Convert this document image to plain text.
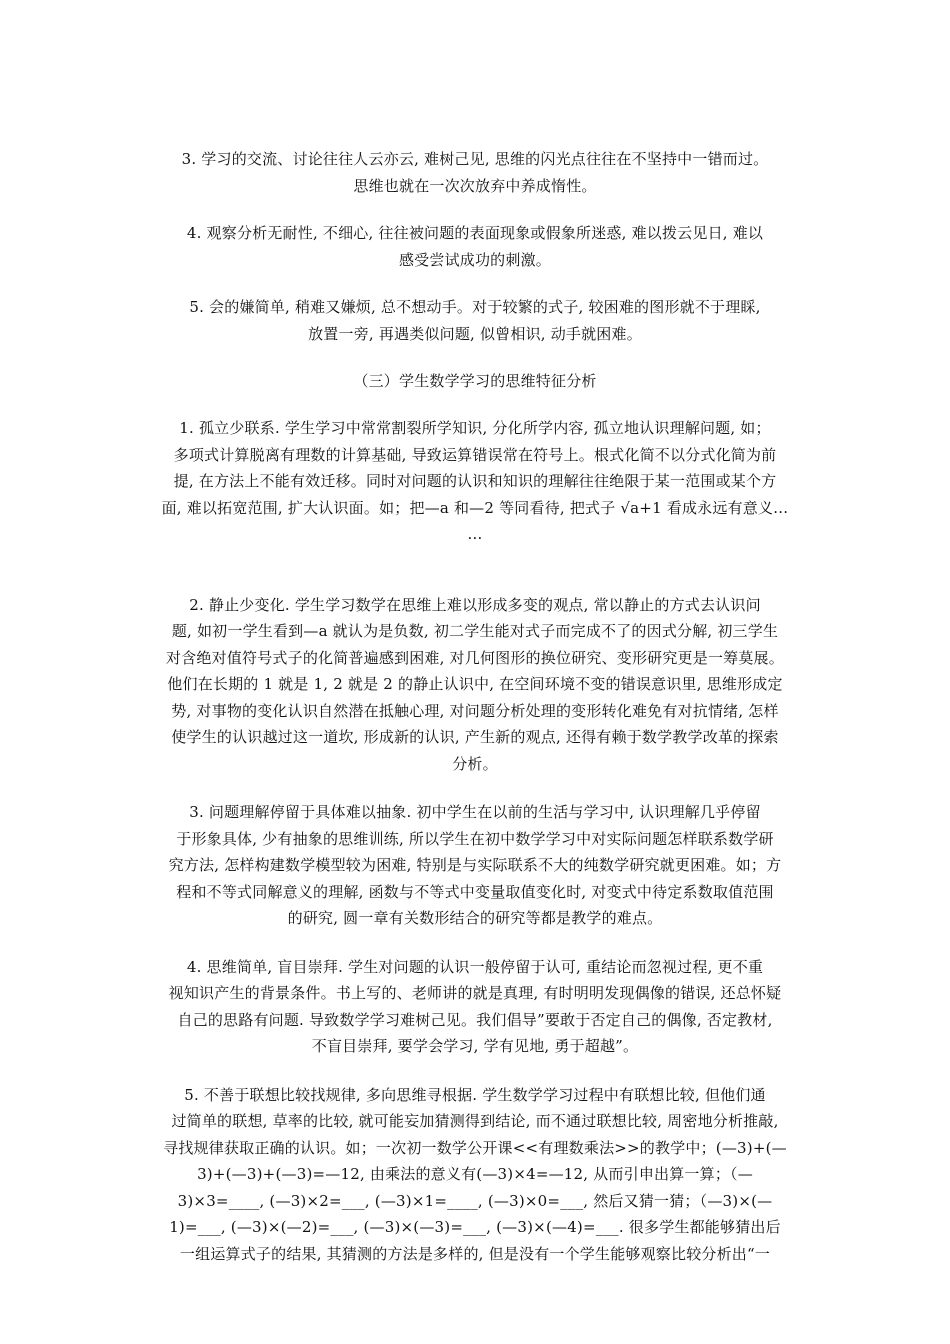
3. 学习的交流、讨论往往人云亦云, 难树己见, 思维的闪光点往往在不坚持中一错而过。
思维也就在一次次放弃中养成惰性。

4. 观察分析无耐性, 不细心, 往往被问题的表面现象或假象所迷惑, 难以拨云见日, 难以
感受尝试成功的刺激。

5. 会的嫌简单, 稍难又嫌烦, 总不想动手。对于较繁的式子, 较困难的图形就不于理睬,
放置一旁, 再遇类似问题, 似曾相识, 动手就困难。

（三）学生数学学习的思维特征分析

1. 孤立少联系. 学生学习中常常割裂所学知识, 分化所学内容, 孤立地认识理解问题, 如；
多项式计算脱离有理数的计算基础, 导致运算错误常在符号上。根式化简不以分式化简为前
提, 在方法上不能有效迁移。同时对问题的认识和知识的理解往往绝限于某一范围或某个方
面, 难以拓宽范围, 扩大认识面。如；把—a 和—2 等同看待, 把式子 √a+1 看成永远有意义…
…

2. 静止少变化. 学生学习数学在思维上难以形成多变的观点, 常以静止的方式去认识问
题, 如初一学生看到—a 就认为是负数, 初二学生能对式子而完成不了的因式分解, 初三学生
对含绝对值符号式子的化简普遍感到困难, 对几何图形的换位研究、变形研究更是一筹莫展。
他们在长期的 1 就是 1, 2 就是 2 的静止认识中, 在空间环境不变的错误意识里, 思维形成定
势, 对事物的变化认识自然潜在抵触心理, 对问题分析处理的变形转化难免有对抗情绪, 怎样
使学生的认识越过这一道坎, 形成新的认识, 产生新的观点, 还得有赖于数学教学改革的探索
分析。

3. 问题理解停留于具体难以抽象. 初中学生在以前的生活与学习中, 认识理解几乎停留
于形象具体, 少有抽象的思维训练, 所以学生在初中数学学习中对实际问题怎样联系数学研
究方法, 怎样构建数学模型较为困难, 特别是与实际联系不大的纯数学研究就更困难。如；方
程和不等式同解意义的理解, 函数与不等式中变量取值变化时, 对变式中待定系数取值范围
的研究, 圆一章有关数形结合的研究等都是教学的难点。

4. 思维简单, 盲目崇拜. 学生对问题的认识一般停留于认可, 重结论而忽视过程, 更不重
视知识产生的背景条件。书上写的、老师讲的就是真理, 有时明明发现偶像的错误, 还总怀疑
自己的思路有问题. 导致数学学习难树己见。我们倡导”要敢于否定自己的偶像, 否定教材,
不盲目崇拜, 要学会学习, 学有见地, 勇于超越”。

5. 不善于联想比较找规律, 多向思维寻根据. 学生数学学习过程中有联想比较, 但他们通
过简单的联想, 草率的比较, 就可能妄加猜测得到结论, 而不通过联想比较, 周密地分析推敲,
寻找规律获取正确的认识。如；一次初一数学公开课<<有理数乘法>>的教学中；(—3)+(—
3)+(—3)+(—3)=—12, 由乘法的意义有(—3)×4=—12, 从而引申出算一算；（—
3)×3=____, (—3)×2=___, (—3)×1=____, (—3)×0=___, 然后又猜一猜；（—3)×(—
1)=___, (—3)×(—2)=___, (—3)×(—3)=___, (—3)×(—4)=___. 很多学生都能够猜出后
一组运算式子的结果, 其猜测的方法是多样的, 但是没有一个学生能够观察比较分析出“一
